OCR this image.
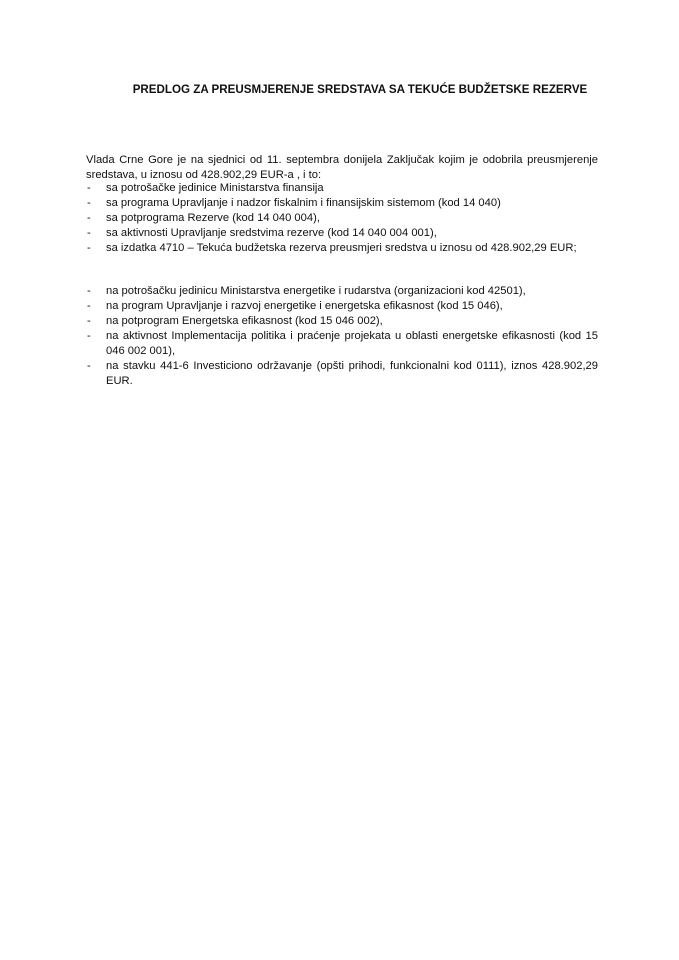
PREDLOG ZA PREUSMJERENJE SREDSTAVA SA TEKUĆE BUDŽETSKE REZERVE
Vlada Crne Gore je na sjednici od 11. septembra donijela Zaključak kojim je odobrila preusmjerenje sredstava, u iznosu od 428.902,29 EUR-a , i to:
- sa potrošačke jedinice Ministarstva finansija
- sa programa Upravljanje i nadzor fiskalnim i finansijskim sistemom (kod 14 040)
- sa potprograma Rezerve (kod 14 040 004),
- sa aktivnosti Upravljanje sredstvima rezerve (kod 14 040 004 001),
- sa izdatka 4710 – Tekuća budžetska rezerva preusmjeri sredstva u iznosu od 428.902,29 EUR;
- na potrošačku jedinicu Ministarstva energetike i rudarstva (organizacioni kod 42501),
- na program Upravljanje i razvoj energetike i energetska efikasnost (kod 15 046),
- na potprogram Energetska efikasnost (kod 15 046 002),
- na aktivnost Implementacija politika i praćenje projekata u oblasti energetske efikasnosti (kod 15 046 002 001),
- na stavku 441-6 Investiciono održavanje (opšti prihodi, funkcionalni kod 0111), iznos 428.902,29 EUR.
